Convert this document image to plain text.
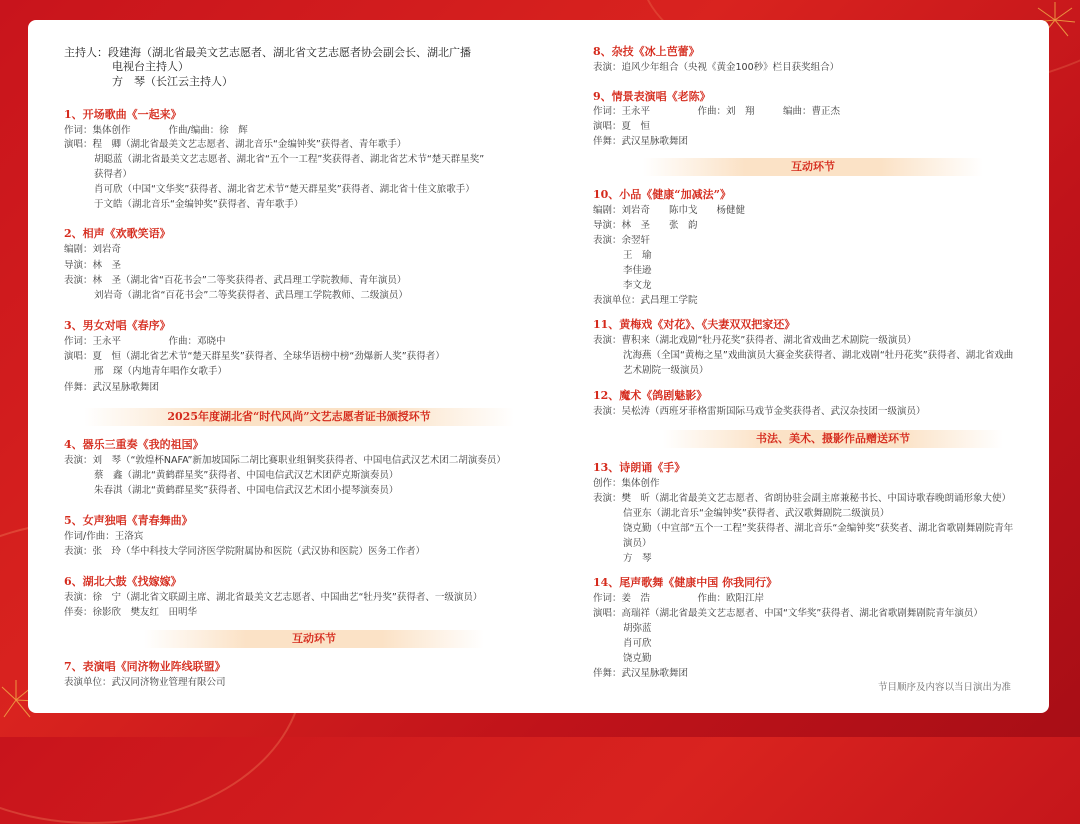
主持人：段建海（湖北省最美文艺志愿者、湖北省文艺志愿者协会副会长、湖北广播
电视台主持人）
方　琴（长江云主持人）
1、开场歌曲《一起来》
作词：集体创作　　　　作曲/编曲：徐　辉
演唱：程　卿（湖北省最美文艺志愿者、湖北音乐“金编钟奖”获得者、青年歌手）
胡聪蓝（湖北省最美文艺志愿者、湖北省“五个一工程”奖获得者、湖北省艺术节“楚天群星奖”
获得者）
肖可欣（中国“文华奖”获得者、湖北省艺术节“楚天群星奖”获得者、湖北省十佳文旅歌手）
于文皓（湖北音乐“金编钟奖”获得者、青年歌手）
2、相声《欢歌笑语》
编剧：刘岩奇
导演：林　圣
表演：林　圣（湖北省“百花书会”二等奖获得者、武昌理工学院教师、青年演员）
刘岩奇（湖北省“百花书会”二等奖获得者、武昌理工学院教师、二级演员）
3、男女对唱《春序》
作词：王永平　　　　　作曲：邓晓中
演唱：夏　恒（湖北省艺术节“楚天群星奖”获得者、全球华语榜中榜“劲爆新人奖”获得者）
邢　琛（内地青年唱作女歌手）
伴舞：武汉星脉歌舞团
2025年度湖北省“时代风尚”文艺志愿者证书颁授环节
4、器乐三重奏《我的祖国》
表演：刘　琴（“敦煌杯NAFA”新加坡国际二胡比赛职业组铜奖获得者、中国电信武汉艺术团二胡演奏员）
蔡　鑫（湖北“黄鹤群星奖”获得者、中国电信武汉艺术团萨克斯演奏员）
朱春淇（湖北“黄鹤群星奖”获得者、中国电信武汉艺术团小提琴演奏员）
5、女声独唱《青春舞曲》
作词/作曲：王洛宾
表演：张　玲（华中科技大学同济医学院附属协和医院（武汉协和医院）医务工作者）
6、湖北大鼓《找嫁嫁》
表演：徐　宁（湖北省文联副主席、湖北省最美文艺志愿者、中国曲艺“牡丹奖”获得者、一级演员）
伴奏：徐影欣　樊友红　田明华
互动环节
7、表演唱《同济物业阵线联盟》
表演单位：武汉同济物业管理有限公司
8、杂技《冰上芭蕾》
表演：追风少年组合（央视《黄金100秒》栏目获奖组合）
9、情景表演唱《老陈》
作词：王永平　　　　　作曲：刘　翔　　　编曲：曹正杰
演唱：夏　恒
伴舞：武汉星脉歌舞团
互动环节
10、小品《健康“加减法”》
编剧：刘岩奇　　陈巾戈　　杨健健
导演：林　圣　　张　韵
表演：余翌轩
王　瑜
李佳逊
李文龙
表演单位：武昌理工学院
11、黄梅戏《对花》、《夫妻双双把家还》
表演：曹积来（湖北戏剧“牡丹花奖”获得者、湖北省戏曲艺术剧院一级演员）
沈海燕（全国“黄梅之星”戏曲演员大赛金奖获得者、湖北戏剧“牡丹花奖”获得者、湖北省戏曲
艺术剧院一级演员）
12、魔术《鸽剧魅影》
表演：吴松涛（西班牙菲格雷斯国际马戏节金奖获得者、武汉杂技团一级演员）
书法、美术、摄影作品赠送环节
13、诗朗诵《手》
创作：集体创作
表演：樊　昕（湖北省最美文艺志愿者、省朗协驻会副主席兼秘书长、中国诗歌春晚朗诵形象大使）
信亚东（湖北音乐“金编钟奖”获得者、武汉歌舞剧院二级演员）
饶克勤（中宣部“五个一工程”奖获得者、湖北音乐“金编钟奖”获奖者、湖北省歌剧舞剧院青年
演员）
方　琴
14、尾声歌舞《健康中国 你我同行》
作词：姜　浩　　　　　作曲：欧阳江岸
演唱：高瑞祥（湖北省最美文艺志愿者、中国“文华奖”获得者、湖北省歌剧舞剧院青年演员）
胡弥蓝
肖可欣
饶克勤
伴舞：武汉星脉歌舞团
节目顺序及内容以当日演出为准
